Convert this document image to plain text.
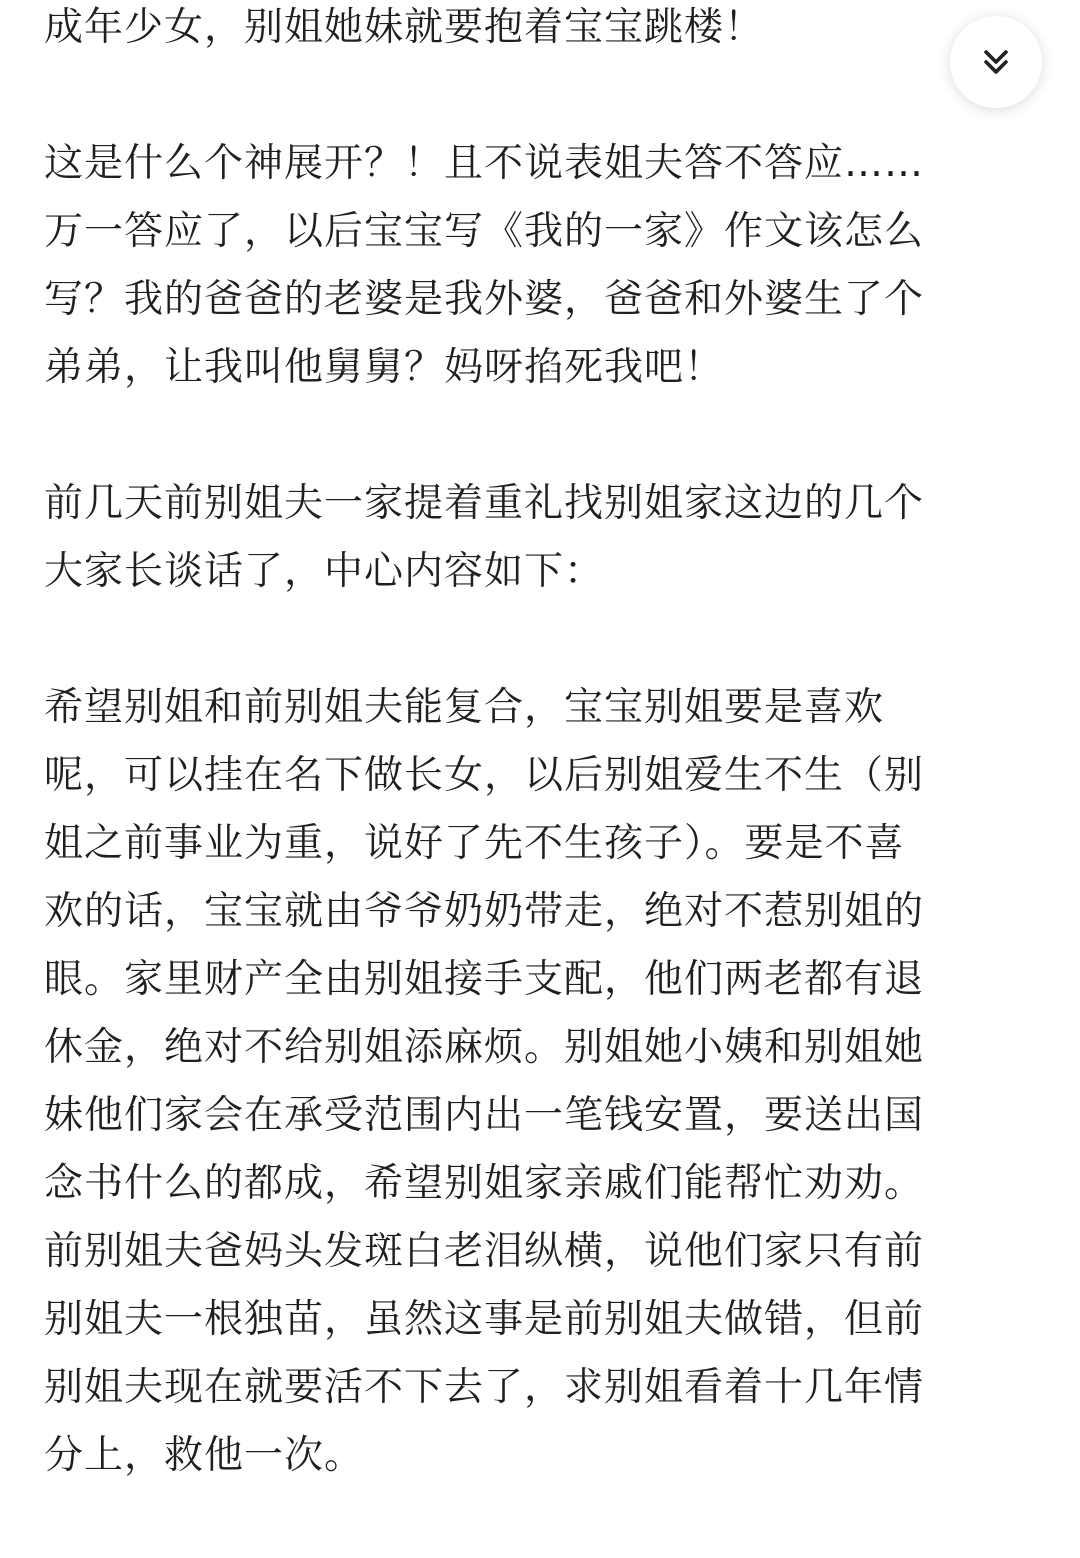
成年少女，别姐她妹就要抱着宝宝跳楼！

这是什么个神展开？！且不说表姐夫答不答应……
万一答应了，以后宝宝写《我的一家》作文该怎么
写？我的爸爸的老婆是我外婆，爸爸和外婆生了个
弟弟，让我叫他舅舅？妈呀掐死我吧！

前几天前别姐夫一家提着重礼找别姐家这边的几个
大家长谈话了，中心内容如下：

希望别姐和前别姐夫能复合，宝宝别姐要是喜欢
呢，可以挂在名下做长女，以后别姐爱生不生（别
姐之前事业为重，说好了先不生孩子）。要是不喜
欢的话，宝宝就由爷爷奶奶带走，绝对不惹别姐的
眼。家里财产全由别姐接手支配，他们两老都有退
休金，绝对不给别姐添麻烦。别姐她小姨和别姐她
妹他们家会在承受范围内出一笔钱安置，要送出国
念书什么的都成，希望别姐家亲戚们能帮忙劝劝。
前别姐夫爸妈头发斑白老泪纵横，说他们家只有前
别姐夫一根独苗，虽然这事是前别姐夫做错，但前
别姐夫现在就要活不下去了，求别姐看着十几年情
分上，救他一次。
